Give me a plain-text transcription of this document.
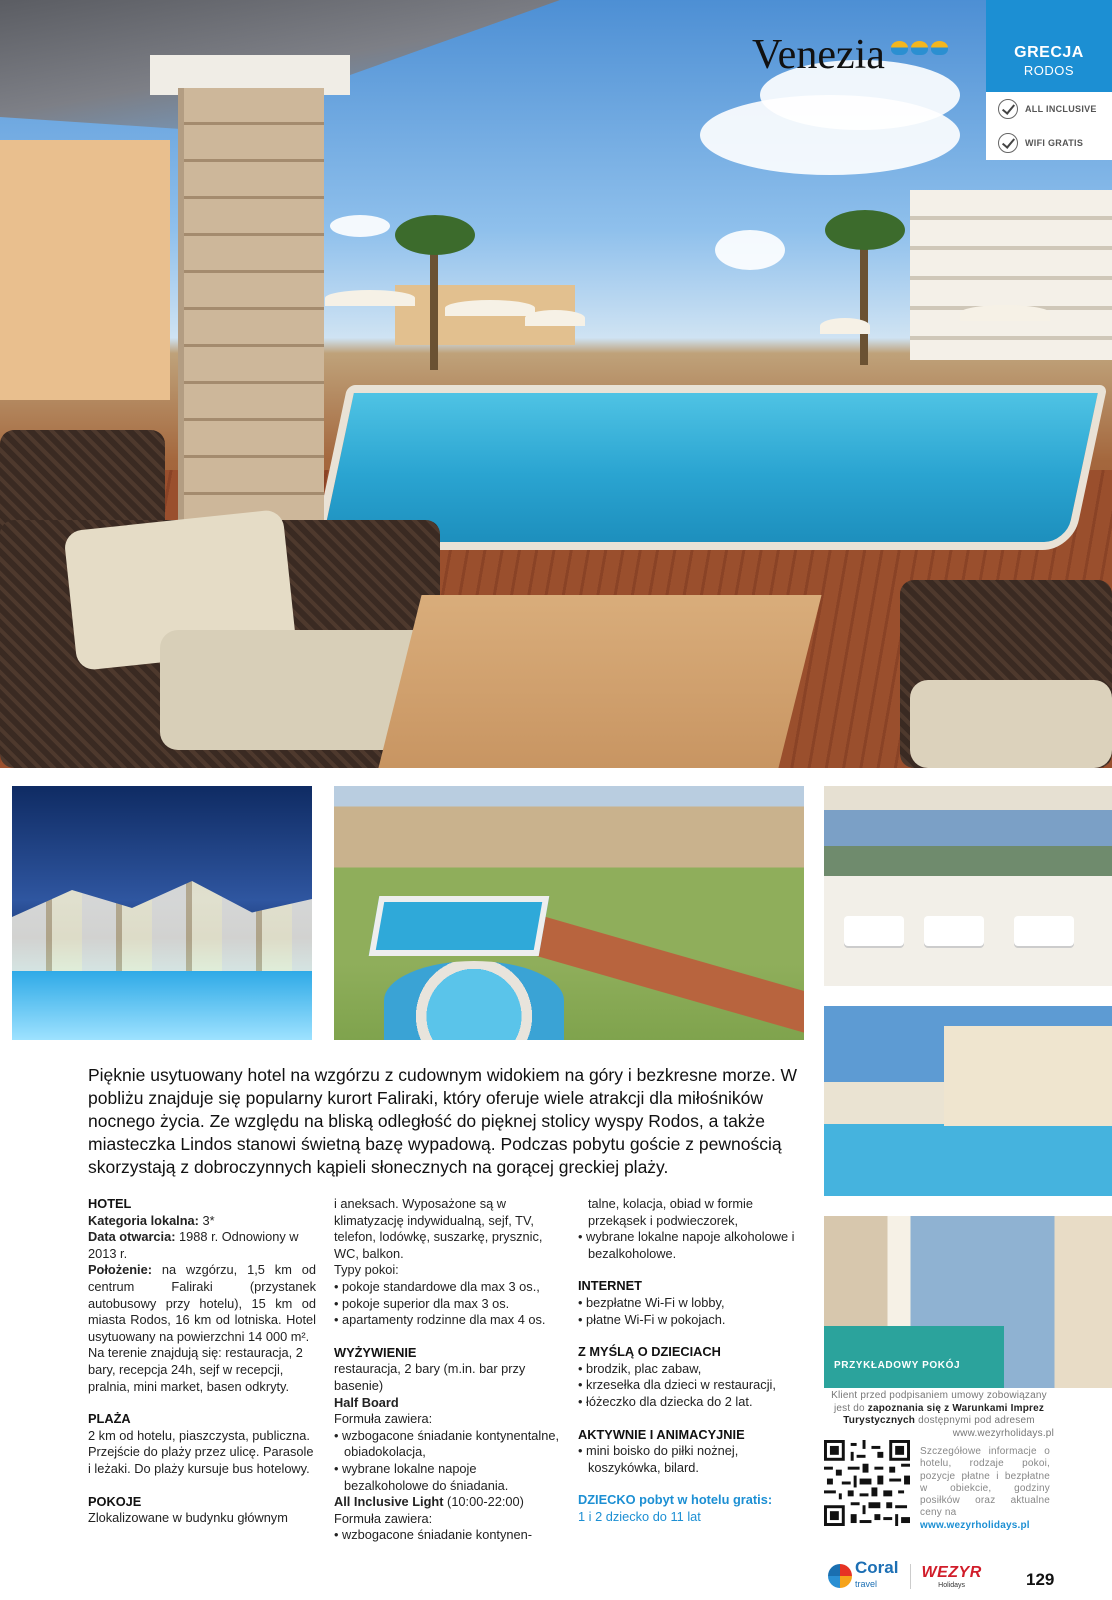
Venezia	GRECJA
RODOS
ALL INCLUSIVE
WIFI GRATIS
PRZYKŁADOWY POKÓJ

Pięknie usytuowany hotel na wzgórzu z cudownym widokiem na góry i bezkresne morze. W pobliżu znajduje się popularny kurort Faliraki, który oferuje wiele atrakcji dla miłośników nocnego życia. Ze względu na bliską odległość do pięknej stolicy wyspy Rodos, a także miasteczka Lindos stanowi świetną bazę wypadową. Podczas pobytu goście z pewnością skorzystają z dobroczynnych kąpieli słonecznych na gorącej greckiej plaży.

HOTEL
Kategoria lokalna: 3*
Data otwarcia: 1988 r. Odnowiony w 2013 r.
Położenie: na wzgórzu, 1,5 km od centrum Faliraki (przystanek autobusowy przy hotelu), 15 km od miasta Rodos, 16 km od lotniska. Hotel usytuowany na powierzchni 14 000 m².
Na terenie znajdują się: restauracja, 2 bary, recepcja 24h, sejf w recepcji, pralnia, mini market, basen odkryty.
PLAŻA
2 km od hotelu, piaszczysta, publiczna. Przejście do plaży przez ulicę. Parasole i leżaki. Do plaży kursuje bus hotelowy.
POKOJE
Zlokalizowane w budynku głównym
i aneksach. Wyposażone są w klimatyzację indywidualną, sejf, TV, telefon, lodówkę, suszarkę, prysznic, WC, balkon.
Typy pokoi:
• pokoje standardowe dla max 3 os.,
• pokoje superior dla max 3 os.
• apartamenty rodzinne dla max 4 os.
WYŻYWIENIE
restauracja, 2 bary (m.in. bar przy basenie)
Half Board
Formuła zawiera:
• wzbogacone śniadanie kontynentalne, obiadokolacja,
• wybrane lokalne napoje bezalkoholowe do śniadania.
All Inclusive Light (10:00-22:00)
Formuła zawiera:
• wzbogacone śniadanie kontynen-
talne, kolacja, obiad w formie przekąsek i podwieczorek,
• wybrane lokalne napoje alkoholowe i bezalkoholowe.
INTERNET
• bezpłatne Wi-Fi w lobby,
• płatne Wi-Fi w pokojach.
Z MYŚLĄ O DZIECIACH
• brodzik, plac zabaw,
• krzesełka dla dzieci w restauracji,
• łóżeczko dla dziecka do 2 lat.
AKTYWNIE I ANIMACYJNIE
• mini boisko do piłki nożnej, koszykówka, bilard.
DZIECKO pobyt w hotelu gratis:
1 i 2 dziecko do 11 lat
Klient przed podpisaniem umowy zobowiązany jest do zapoznania się z Warunkami Imprez Turystycznych dostępnymi pod adresem
www.wezyrholidays.pl
Szczegółowe informacje o hotelu, rodzaje pokoi, pozycje płatne i bezpłatne w obiekcie, godziny posiłków oraz aktualne ceny na
www.wezyrholidays.pl
Coral
travel
WEZYR
Holidays	129
